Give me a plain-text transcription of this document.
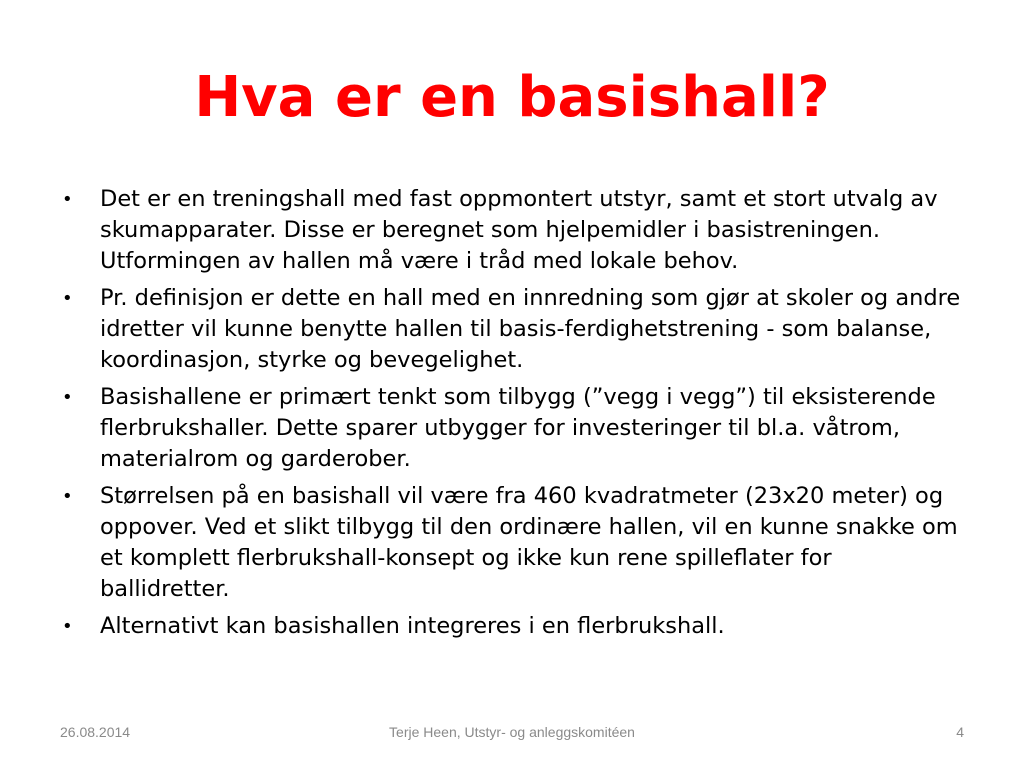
Hva er en basishall?
•	Det er en treningshall med fast oppmontert utstyr, samt et stort utvalg av skumapparater. Disse er beregnet som hjelpemidler i basistreningen. Utformingen av hallen må være i tråd med lokale behov.
•	Pr. definisjon er dette en hall med en innredning som gjør at skoler og andre idretter vil kunne benytte hallen til basis-ferdighetstrening - som balanse, koordinasjon, styrke og bevegelighet.
•	Basishallene er primært tenkt som tilbygg (”vegg i vegg”) til eksisterende flerbrukshaller. Dette sparer utbygger for investeringer til bl.a. våtrom, materialrom og garderober.
•	Størrelsen på en basishall vil være fra 460 kvadratmeter (23x20 meter) og oppover. Ved et slikt tilbygg til den ordinære hallen, vil en kunne snakke om et komplett flerbrukshall-konsept og ikke kun rene spilleflater for ballidretter.
•	Alternativt kan basishallen integreres i en flerbrukshall.
26.08.2014	Terje Heen, Utstyr- og anleggskomitéen	4
